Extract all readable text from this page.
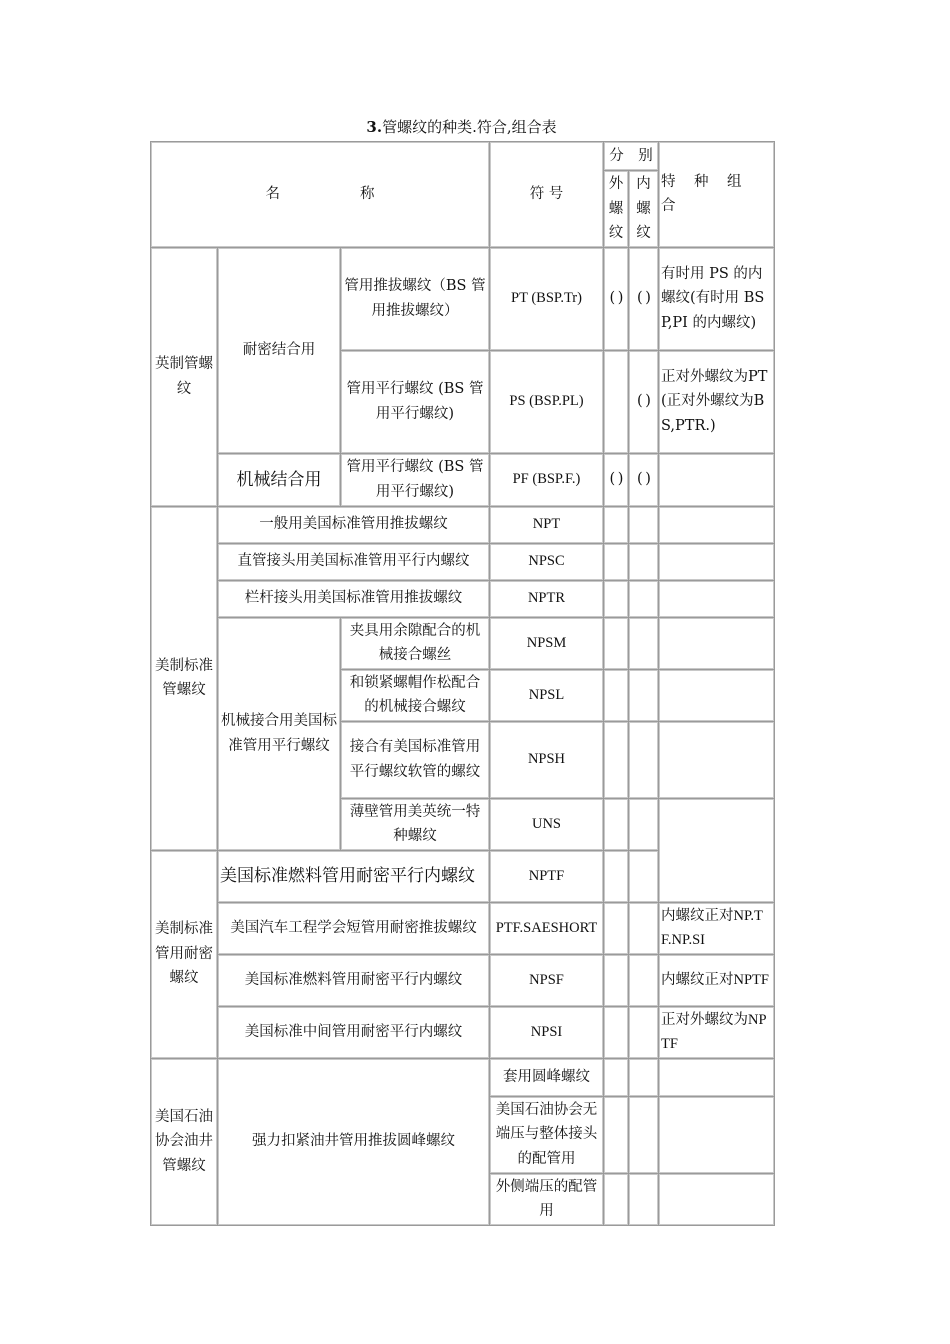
3.管螺纹的种类.符合,组合表
名 称			符 号	分　别		特　种　组　合
				外螺纹	内螺纹	
英制管螺纹	耐密结合用	管用推拔螺纹（BS 管用推拔螺纹）	PT (BSP.Tr)	( )	( )	有时用 PS 的内螺纹(有时用 BSP,PI 的内螺纹)
		管用平行螺纹 (BS 管用平行螺纹)	PS (BSP.PL)		( )	正对外螺纹为PT (正对外螺纹为BS,PTR.)
	机械结合用	管用平行螺纹 (BS 管用平行螺纹)	PF (BSP.F.)	( )	( )	
美制标准管螺纹	一般用美国标准管用推拔螺纹		NPT			
	直管接头用美国标准管用平行内螺纹		NPSC			
	栏杆接头用美国标准管用推拔螺纹		NPTR			
	机械接合用美国标准管用平行螺纹	夹具用余隙配合的机械接合螺丝	NPSM			
		和锁紧螺帽作松配合的机械接合螺纹	NPSL			
		接合有美国标准管用平行螺纹软管的螺纹	NPSH			
		薄壁管用美英统一特种螺纹	UNS			
美制标准管用耐密螺纹	美国标准燃料管用耐密平行内螺纹		NPTF			
	美国汽车工程学会短管用耐密推拔螺纹		PTF.SAESHORT			内螺纹正对NP.TF.NP.SI
	美国标准燃料管用耐密平行内螺纹		NPSF			内螺纹正对NPTF
	美国标准中间管用耐密平行内螺纹		NPSI			正对外螺纹为NPTF
美国石油协会油井管螺纹	强力扣紧油井管用推拔圆峰螺纹		套用圆峰螺纹			
			美国石油协会无端压与整体接头的配管用			
			外侧端压的配管用			
